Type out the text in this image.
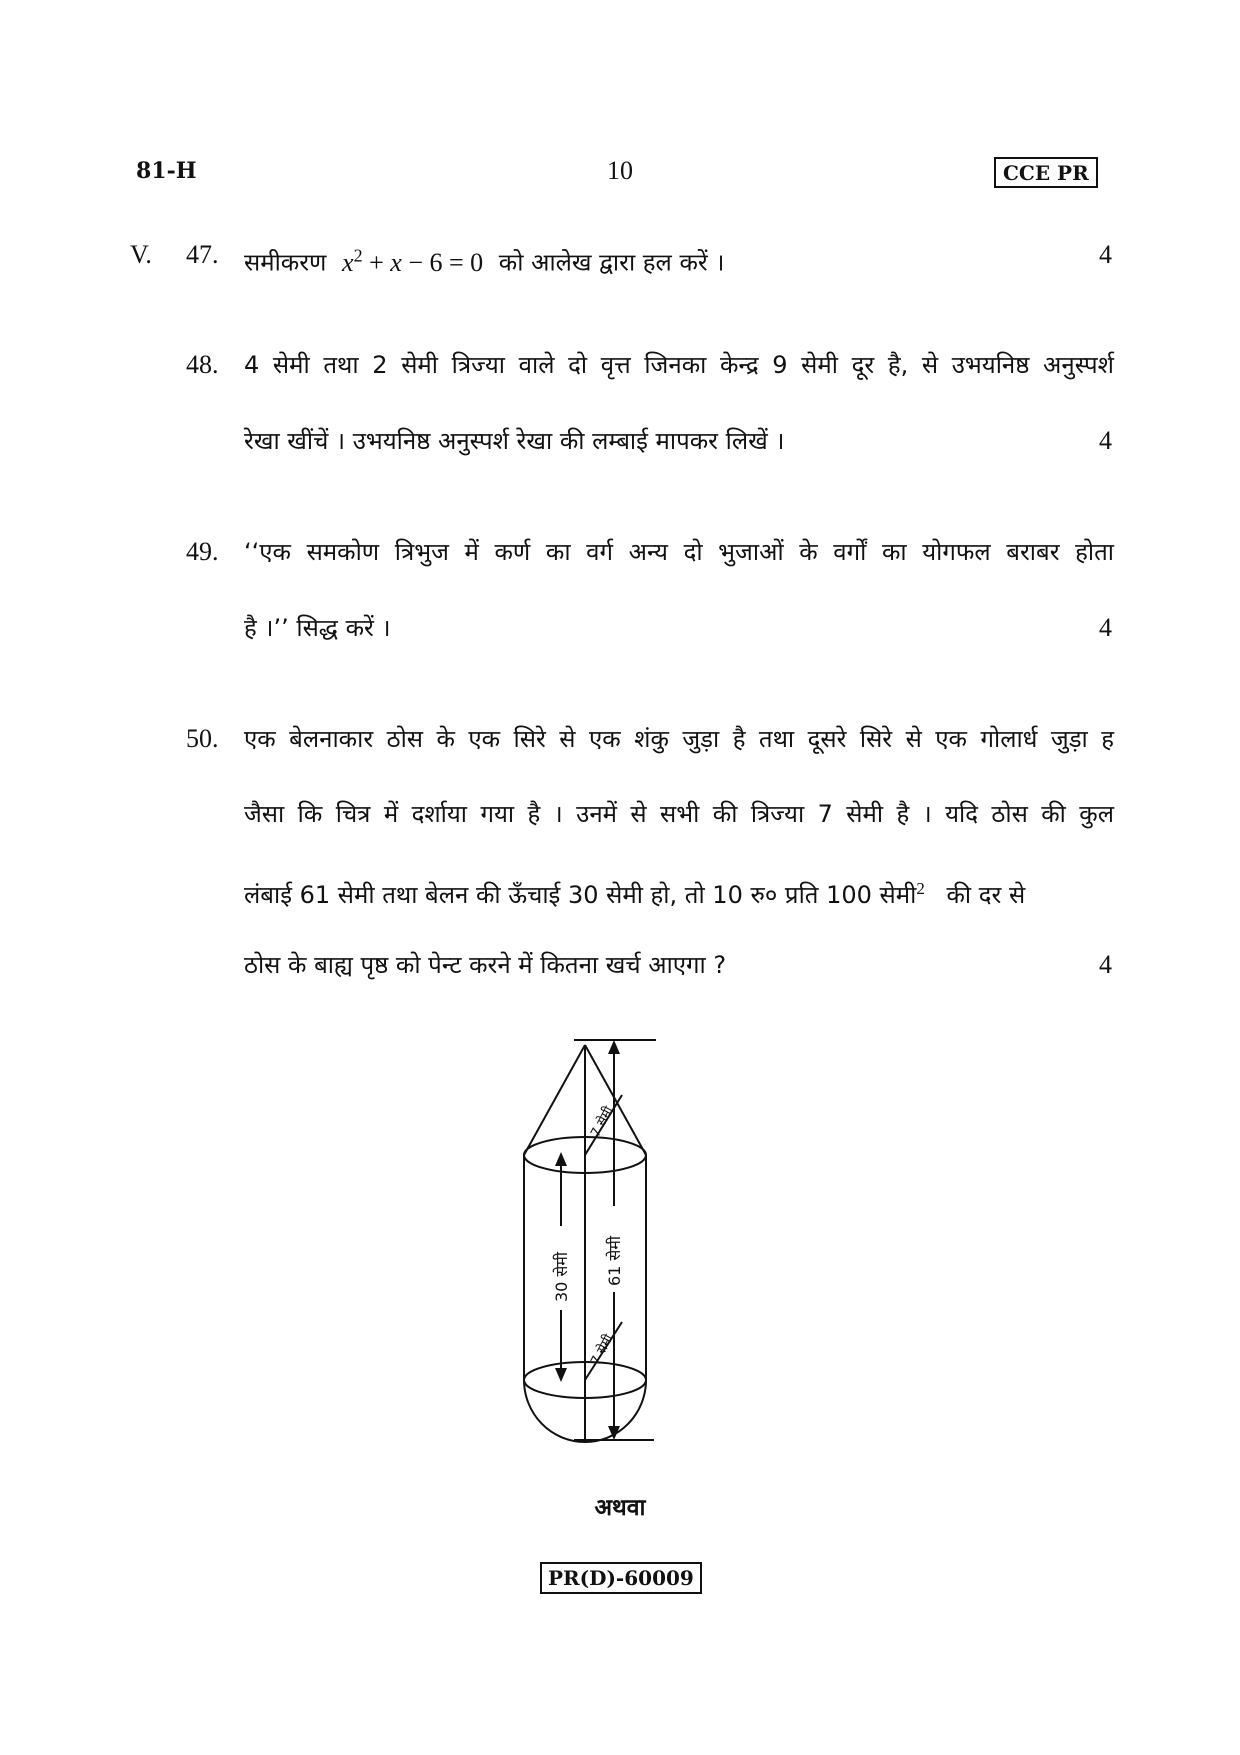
81-H	10	CCE PR
V. 47. समीकरण $x^2 + x - 6 = 0$ को आलेख द्वारा हल करें ।	4
48. 4 सेमी तथा 2 सेमी त्रिज्या वाले दो वृत्त जिनका केन्द्र 9 सेमी दूर है, से उभयनिष्ठ अनुस्पर्श
रेखा खींचें । उभयनिष्ठ अनुस्पर्श रेखा की लम्बाई मापकर लिखें ।	4
49. ‘‘एक समकोण त्रिभुज में कर्ण का वर्ग अन्य दो भुजाओं के वर्गों का योगफल बराबर होता
है ।’’ सिद्ध करें ।	4
50. एक बेलनाकार ठोस के एक सिरे से एक शंकु जुड़ा है तथा दूसरे सिरे से एक गोलार्ध जुड़ा ह
जैसा कि चित्र में दर्शाया गया है । उनमें से सभी की त्रिज्या 7 सेमी है । यदि ठोस की कुल
लंबाई 61 सेमी तथा बेलन की ऊँचाई 30 सेमी हो, तो 10 रु० प्रति 100 सेमी$^2$ की दर से
ठोस के बाह्य पृष्ठ को पेन्ट करने में कितना खर्च आएगा ?	4
7 सेमी
7 सेमी
30 सेमी 61 सेमी
अथवा
PR(D)-60009
